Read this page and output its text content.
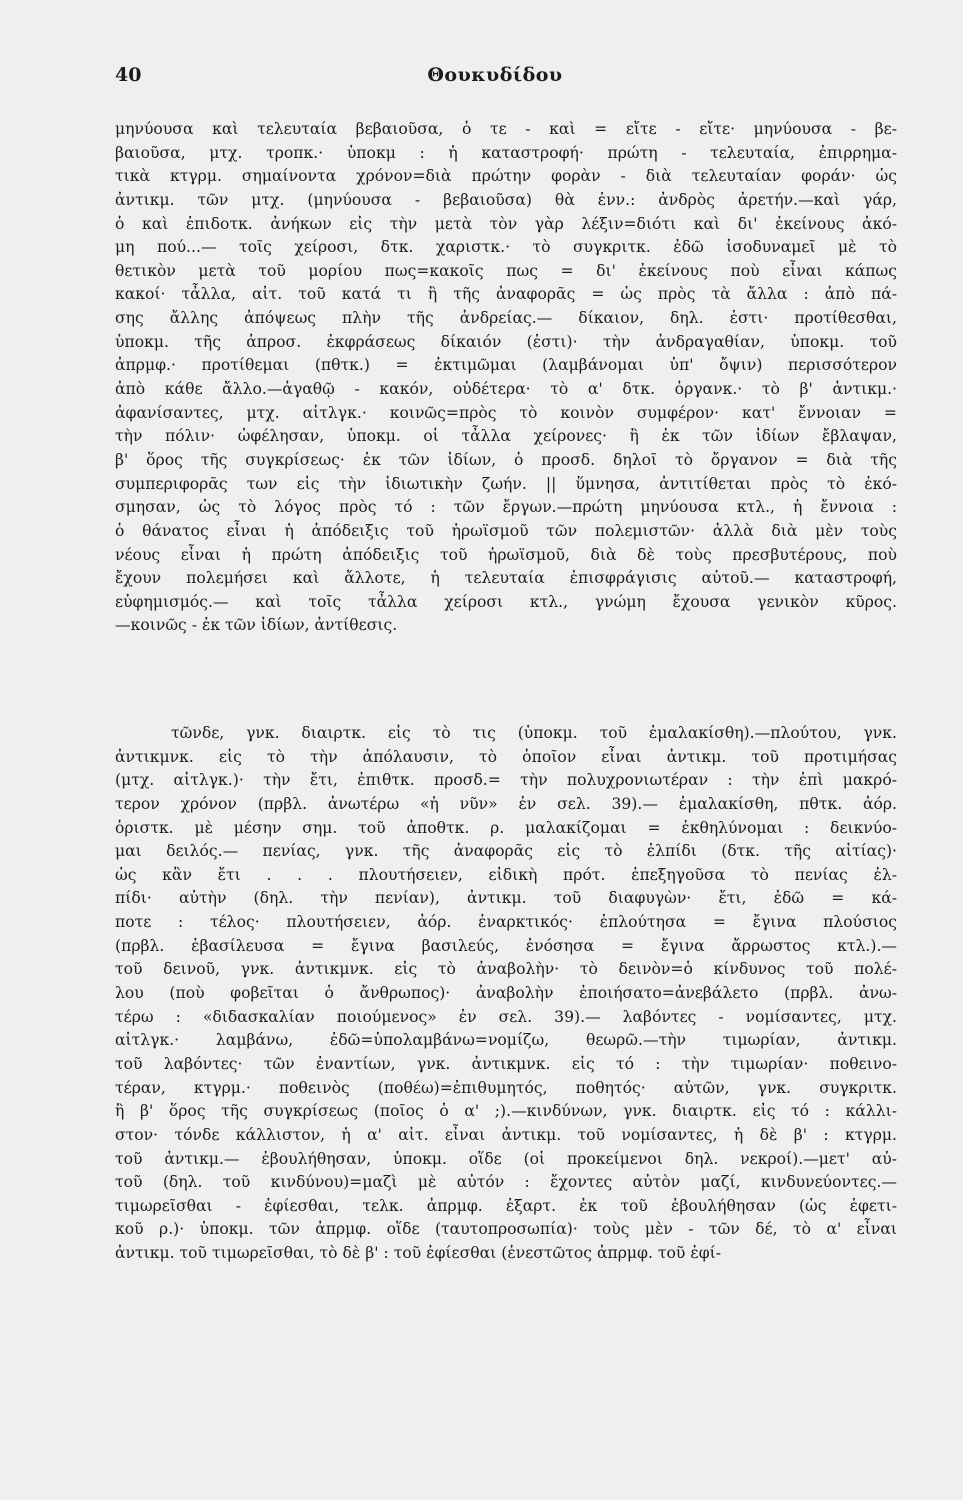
40	Θουκυδίδου
μηνύουσα καὶ τελευταία βεβαιοῦσα, ὁ τε - καὶ = εἴτε - εἴτε· μηνύουσα - βε-
βαιοῦσα, μτχ. τροπκ.· ὑποκμ : ἡ καταστροφή· πρώτη - τελευταία, ἐπιρρημα-
τικὰ κτγρμ. σημαίνοντα χρόνον=διὰ πρώτην φορὰν - διὰ τελευταίαν φοράν· ὡς
ἀντικμ. τῶν μτχ. (μηνύουσα - βεβαιοῦσα) θὰ ἐνν.: ἀνδρὸς ἀρετήν.—καὶ γάρ,
ὁ καὶ ἐπιδοτκ. ἀνήκων εἰς τὴν μετὰ τὸν γὰρ λέξιν=διότι καὶ δι' ἐκείνους ἀκό-
μη πού...— τοῖς χείροσι, δτκ. χαριστκ.· τὸ συγκριτκ. ἐδῶ ἰσοδυναμεῖ μὲ τὸ
θετικὸν μετὰ τοῦ μορίου πως=κακοῖς πως = δι' ἐκείνους ποὺ εἶναι κάπως
κακοί· τἆλλα, αἰτ. τοῦ κατά τι ἢ τῆς ἀναφορᾶς = ὡς πρὸς τὰ ἄλλα : ἀπὸ πά-
σης ἄλλης ἀπόψεως πλὴν τῆς ἀνδρείας.— δίκαιον, δηλ. ἐστι· προτίθεσθαι,
ὑποκμ. τῆς ἀπροσ. ἐκφράσεως δίκαιόν (ἐστι)· τὴν ἀνδραγαθίαν, ὑποκμ. τοῦ
ἀπρμφ.· προτίθεμαι (πθτκ.) = ἐκτιμῶμαι (λαμβάνομαι ὑπ' ὄψιν) περισσότερον
ἀπὸ κάθε ἄλλο.—ἀγαθῷ - κακόν, οὐδέτερα· τὸ α' δτκ. ὀργανκ.· τὸ β' ἀντικμ.·
ἀφανίσαντες, μτχ. αἰτλγκ.· κοινῶς=πρὸς τὸ κοινὸν συμφέρον· κατ' ἔννοιαν =
τὴν πόλιν· ὠφέλησαν, ὑποκμ. οἱ τἆλλα χείρονες· ἢ ἐκ τῶν ἰδίων ἔβλαψαν,
β' ὅρος τῆς συγκρίσεως· ἐκ τῶν ἰδίων, ὁ προσδ. δηλοῖ τὸ ὄργανον = διὰ τῆς
συμπεριφορᾶς των εἰς τὴν ἰδιωτικὴν ζωήν. || ὕμνησα, ἀντιτίθεται πρὸς τὸ ἐκό-
σμησαν, ὡς τὸ λόγος πρὸς τό : τῶν ἔργων.—πρώτη μηνύουσα κτλ., ἡ ἔννοια :
ὁ θάνατος εἶναι ἡ ἀπόδειξις τοῦ ἡρωϊσμοῦ τῶν πολεμιστῶν· ἀλλὰ διὰ μὲν τοὺς
νέους εἶναι ἡ πρώτη ἀπόδειξις τοῦ ἡρωϊσμοῦ, διὰ δὲ τοὺς πρεσβυτέρους, ποὺ
ἔχουν πολεμήσει καὶ ἄλλοτε, ἡ τελευταία ἐπισφράγισις αὐτοῦ.— καταστροφή,
εὐφημισμός.— καὶ τοῖς τἆλλα χείροσι κτλ., γνώμη ἔχουσα γενικὸν κῦρος.
—κοινῶς - ἐκ τῶν ἰδίων, ἀντίθεσις.
τῶνδε, γνκ. διαιρτκ. εἰς τὸ τις (ὑποκμ. τοῦ ἐμαλακίσθη).—πλούτου, γνκ.
ἀντικμνκ. εἰς τὸ τὴν ἀπόλαυσιν, τὸ ὁποῖον εἶναι ἀντικμ. τοῦ προτιμήσας
(μτχ. αἰτλγκ.)· τὴν ἔτι, ἐπιθτκ. προσδ.= τὴν πολυχρονιωτέραν : τὴν ἐπὶ μακρό-
τερον χρόνον (πρβλ. ἀνωτέρω «ἡ νῦν» ἐν σελ. 39).— ἐμαλακίσθη, πθτκ. ἀόρ.
ὁριστκ. μὲ μέσην σημ. τοῦ ἀποθτκ. ρ. μαλακίζομαι = ἐκθηλύνομαι : δεικνύο-
μαι δειλός.— πενίας, γνκ. τῆς ἀναφορᾶς εἰς τὸ ἐλπίδι (δτκ. τῆς αἰτίας)·
ὡς κἂν ἔτι . . . πλουτήσειεν, εἰδικὴ πρότ. ἐπεξηγοῦσα τὸ πενίας ἐλ-
πίδι· αὐτὴν (δηλ. τὴν πενίαν), ἀντικμ. τοῦ διαφυγὼν· ἔτι, ἐδῶ = κά-
ποτε : τέλος· πλουτήσειεν, ἀόρ. ἐναρκτικός· ἐπλούτησα = ἔγινα πλούσιος
(πρβλ. ἐβασίλευσα = ἔγινα βασιλεύς, ἐνόσησα = ἔγινα ἄρρωστος κτλ.).—
τοῦ δεινοῦ, γνκ. ἀντικμνκ. εἰς τὸ ἀναβολὴν· τὸ δεινὸν=ὁ κίνδυνος τοῦ πολέ-
λου (ποὺ φοβεῖται ὁ ἄνθρωπος)· ἀναβολὴν ἐποιήσατο=ἀνεβάλετο (πρβλ. ἀνω-
τέρω : «διδασκαλίαν ποιούμενος» ἐν σελ. 39).— λαβόντες - νομίσαντες, μτχ.
αἰτλγκ.· λαμβάνω, ἐδῶ=ὑπολαμβάνω=νομίζω, θεωρῶ.—τὴν τιμωρίαν, ἀντικμ.
τοῦ λαβόντες· τῶν ἐναντίων, γνκ. ἀντικμνκ. εἰς τό : τὴν τιμωρίαν· ποθεινο-
τέραν, κτγρμ.· ποθεινὸς (ποθέω)=ἐπιθυμητός, ποθητός· αὐτῶν, γνκ. συγκριτκ.
ἢ β' ὅρος τῆς συγκρίσεως (ποῖος ὁ α' ;).—κινδύνων, γνκ. διαιρτκ. εἰς τό : κάλλι-
στον· τόνδε κάλλιστον, ἡ α' αἰτ. εἶναι ἀντικμ. τοῦ νομίσαντες, ἡ δὲ β' : κτγρμ.
τοῦ ἀντικμ.— ἐβουλήθησαν, ὑποκμ. οἵδε (οἱ προκείμενοι δηλ. νεκροί).—μετ' αὐ-
τοῦ (δηλ. τοῦ κινδύνου)=μαζὶ μὲ αὐτόν : ἔχοντες αὐτὸν μαζί, κινδυνεύοντες.—
τιμωρεῖσθαι - ἐφίεσθαι, τελκ. ἀπρμφ. ἐξαρτ. ἐκ τοῦ ἐβουλήθησαν (ὡς ἐφετι-
κοῦ ρ.)· ὑποκμ. τῶν ἀπρμφ. οἵδε (ταυτοπροσωπία)· τοὺς μὲν - τῶν δέ, τὸ α' εἶναι
ἀντικμ. τοῦ τιμωρεῖσθαι, τὸ δὲ β' : τοῦ ἐφίεσθαι (ἐνεστῶτος ἀπρμφ. τοῦ ἐφί-
